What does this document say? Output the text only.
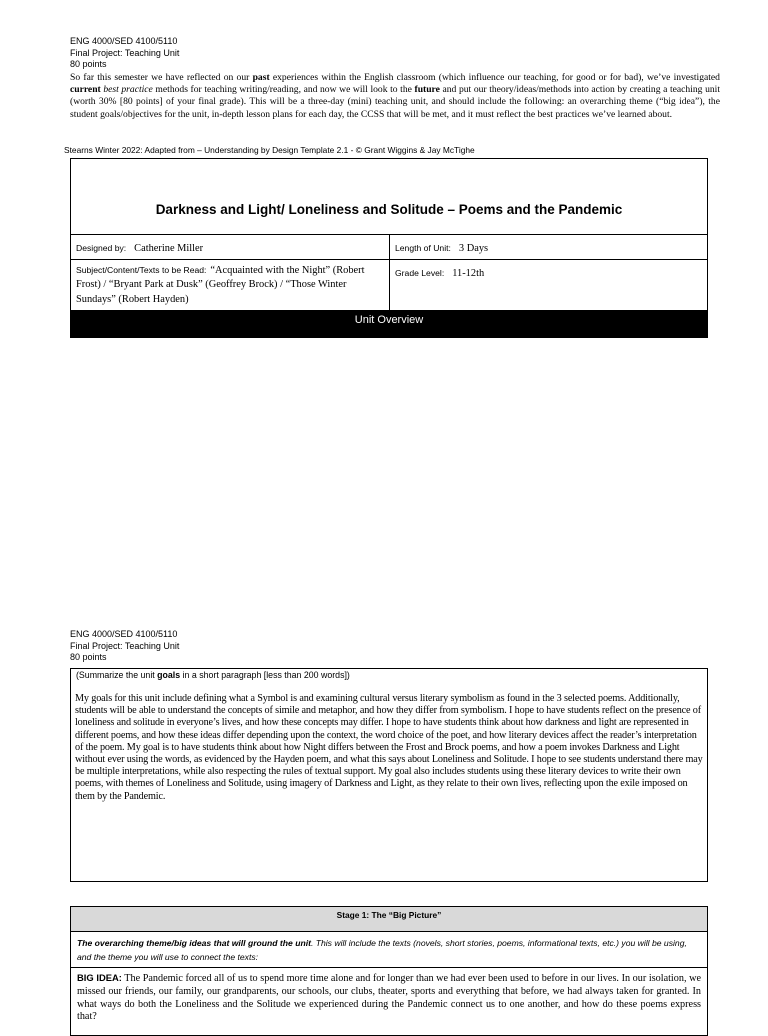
ENG 4000/SED 4100/5110
Final Project: Teaching Unit
80 points
So far this semester we have reflected on our past experiences within the English classroom (which influence our teaching, for good or for bad), we’ve investigated current best practice methods for teaching writing/reading, and now we will look to the future and put our theory/ideas/methods into action by creating a teaching unit (worth 30% [80 points] of your final grade). This will be a three-day (mini) teaching unit, and should include the following: an overarching theme (“big idea”), the student goals/objectives for the unit, in-depth lesson plans for each day, the CCSS that will be met, and it must reflect the best practices we’ve learned about.
Stearns Winter 2022: Adapted from – Understanding by Design Template 2.1 - © Grant Wiggins & Jay McTighe
Darkness and Light/ Loneliness and Solitude – Poems and the Pandemic
Designed by: Catherine Miller	Length of Unit: 3 Days
Subject/Content/Texts to be Read: “Acquainted with the Night” (Robert Frost) / “Bryant Park at Dusk” (Geoffrey Brock) / “Those Winter Sundays” (Robert Hayden)
Grade Level: 11-12th
Unit Overview
ENG 4000/SED 4100/5110
Final Project: Teaching Unit
80 points
(Summarize the unit goals in a short paragraph [less than 200 words])
My goals for this unit include defining what a Symbol is and examining cultural versus literary symbolism as found in the 3 selected poems. Additionally, students will be able to understand the concepts of simile and metaphor, and how they differ from symbolism. I hope to have students reflect on the presence of loneliness and solitude in everyone’s lives, and how these concepts may differ. I hope to have students think about how darkness and light are represented in different poems, and how these ideas differ depending upon the context, the word choice of the poet, and how literary devices affect the reader’s interpretation of the poem. My goal is to have students think about how Night differs between the Frost and Brock poems, and how a poem invokes Darkness and Light without ever using the words, as evidenced by the Hayden poem, and what this says about Loneliness and Solitude. I hope to see students understand there may be multiple interpretations, while also respecting the rules of textual support. My goal also includes students using these literary devices to write their own poems, with themes of Loneliness and Solitude, using imagery of Darkness and Light, as they relate to their own lives, reflecting upon the exile imposed on them by the Pandemic.
Stage 1: The “Big Picture”
The overarching theme/big ideas that will ground the unit. This will include the texts (novels, short stories, poems, informational texts, etc.) you will be using, and the theme you will use to connect the texts:
BIG IDEA: The Pandemic forced all of us to spend more time alone and for longer than we had ever been used to before in our lives. In our isolation, we missed our friends, our family, our grandparents, our schools, our clubs, theater, sports and everything that before, we had always taken for granted. In what ways do both the Loneliness and the Solitude we experienced during the Pandemic connect us to one another, and how do these poems express that?
